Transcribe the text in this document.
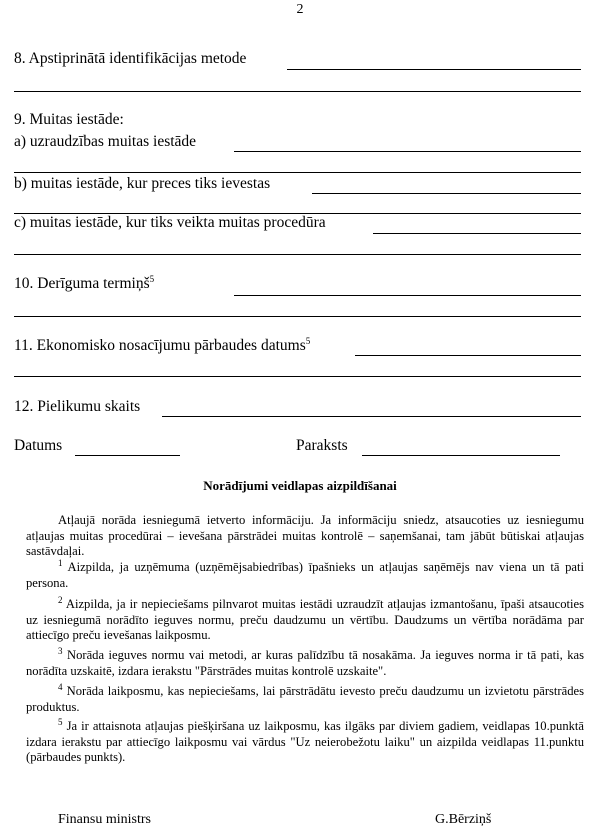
2
8. Apstiprinātā identifikācijas metode
9. Muitas iestāde:
a) uzraudzības muitas iestāde
b) muitas iestāde, kur preces tiks ievestas
c) muitas iestāde, kur tiks veikta muitas procedūra
10. Derīguma termiņš$^5$
11. Ekonomisko nosacījumu pārbaudes datums$^5$
12. Pielikumu skaits
Datums	Paraksts
Norādījumi veidlapas aizpildīšanai
Atļaujā norāda iesniegumā ietverto informāciju. Ja informāciju sniedz, atsaucoties uz iesniegumu atļaujas muitas procedūrai – ievešana pārstrādei muitas kontrolē – saņemšanai, tam jābūt būtiskai atļaujas sastāvdaļai.
$^1$ Aizpilda, ja uzņēmuma (uzņēmējsabiedrības) īpašnieks un atļaujas saņēmējs nav viena un tā pati persona.
$^2$ Aizpilda, ja ir nepieciešams pilnvarot muitas iestādi uzraudzīt atļaujas izmantošanu, īpaši atsaucoties uz iesniegumā norādīto ieguves normu, preču daudzumu un vērtību. Daudzums un vērtība norādāma par attiecīgo preču ievešanas laikposmu.
$^3$ Norāda ieguves normu vai metodi, ar kuras palīdzību tā nosakāma. Ja ieguves norma ir tā pati, kas norādīta uzskaitē, izdara ierakstu "Pārstrādes muitas kontrolē uzskaite".
$^4$ Norāda laikposmu, kas nepieciešams, lai pārstrādātu ievesto preču daudzumu un izvietotu pārstrādes produktus.
$^5$ Ja ir attaisnota atļaujas piešķiršana uz laikposmu, kas ilgāks par diviem gadiem, veidlapas 10.punktā izdara ierakstu par attiecīgo laikposmu vai vārdus "Uz neierobežotu laiku" un aizpilda veidlapas 11.punktu (pārbaudes punkts).
Finansu ministrs	G.Bērziņš
